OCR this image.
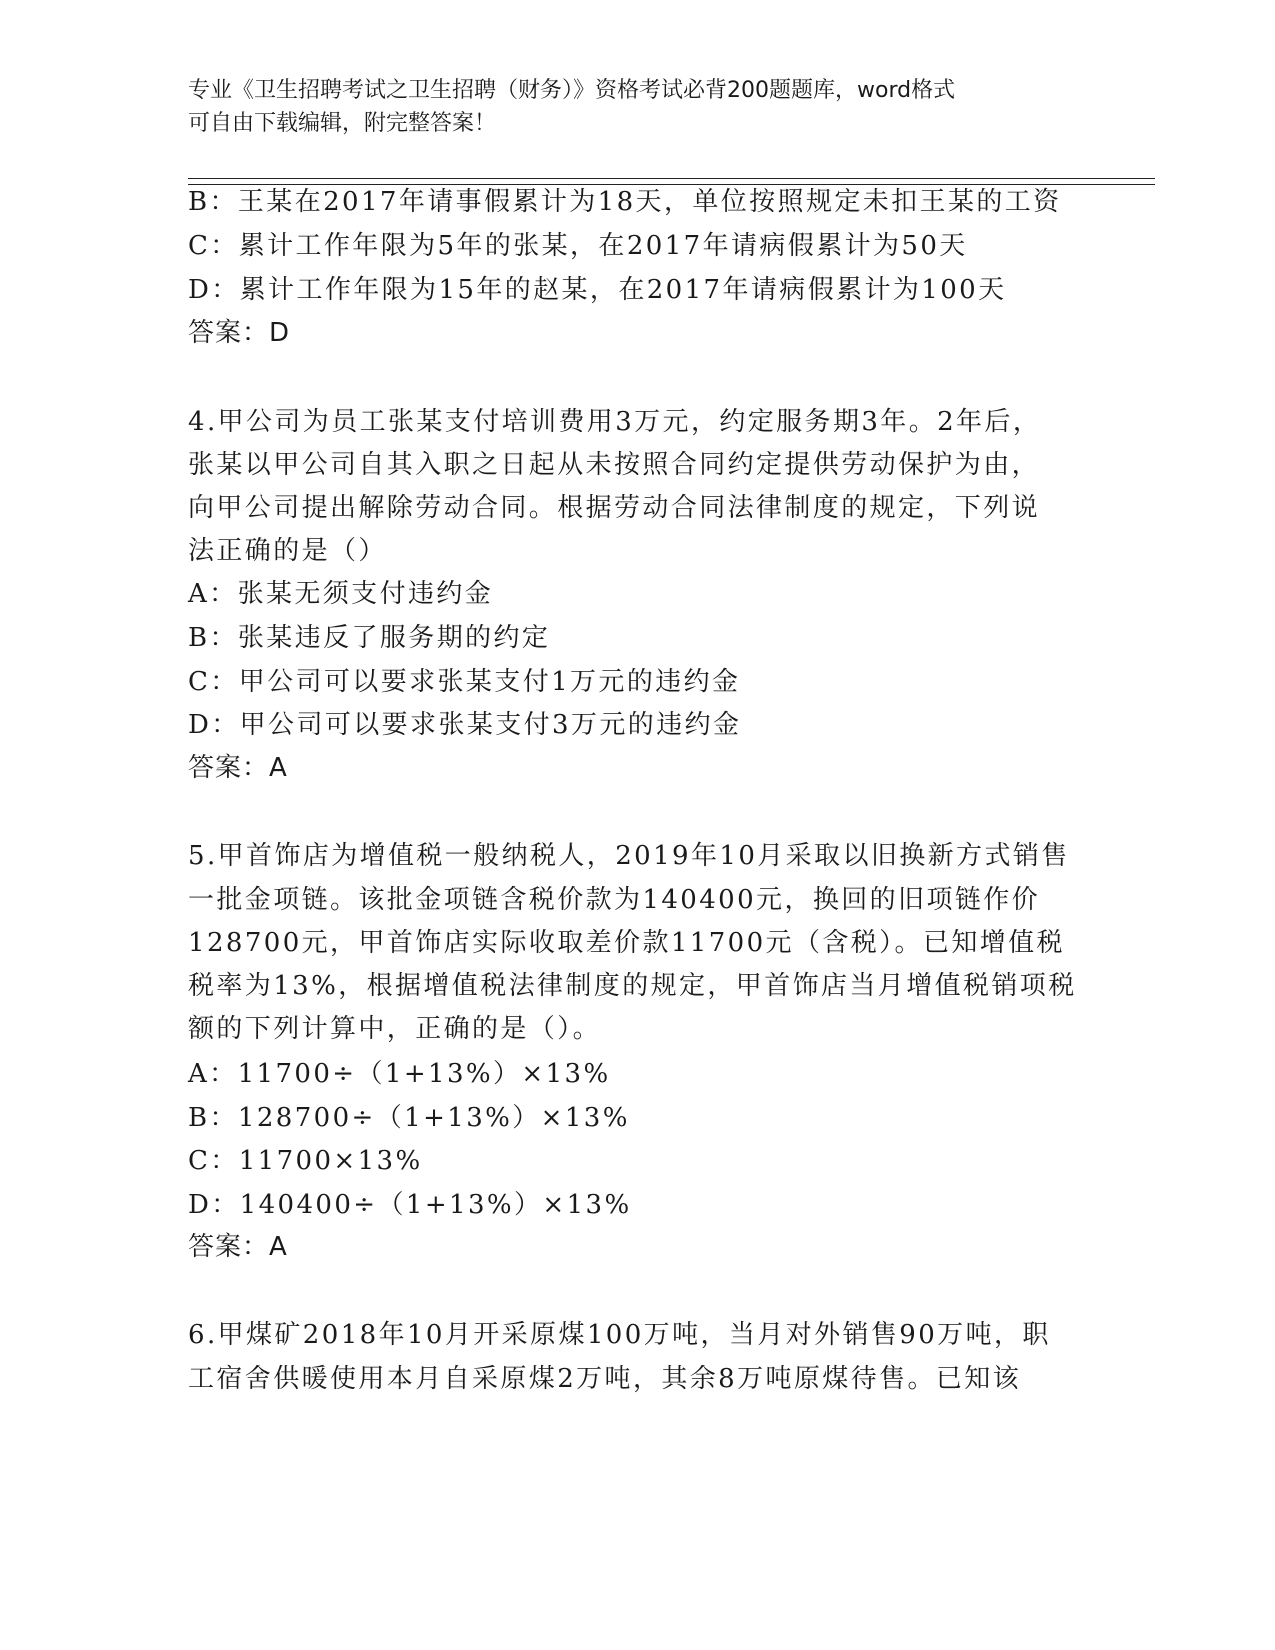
专业《卫生招聘考试之卫生招聘（财务）》资格考试必背200题题库，word格式
可自由下载编辑，附完整答案！
B：王某在2017年请事假累计为18天，单位按照规定未扣王某的工资
C：累计工作年限为5年的张某，在2017年请病假累计为50天
D：累计工作年限为15年的赵某，在2017年请病假累计为100天
答案：D
4.甲公司为员工张某支付培训费用3万元，约定服务期3年。2年后，
张某以甲公司自其入职之日起从未按照合同约定提供劳动保护为由，
向甲公司提出解除劳动合同。根据劳动合同法律制度的规定，下列说
法正确的是（）
A：张某无须支付违约金
B：张某违反了服务期的约定
C：甲公司可以要求张某支付1万元的违约金
D：甲公司可以要求张某支付3万元的违约金
答案：A
5.甲首饰店为增值税一般纳税人，2019年10月采取以旧换新方式销售
一批金项链。该批金项链含税价款为140400元，换回的旧项链作价
128700元，甲首饰店实际收取差价款11700元（含税）。已知增值税
税率为13%，根据增值税法律制度的规定，甲首饰店当月增值税销项税
额的下列计算中，正确的是（）。
A：11700÷（1+13%）×13%
B：128700÷（1+13%）×13%
C：11700×13%
D：140400÷（1+13%）×13%
答案：A
6.甲煤矿2018年10月开采原煤100万吨，当月对外销售90万吨，职
工宿舍供暖使用本月自采原煤2万吨，其余8万吨原煤待售。已知该
